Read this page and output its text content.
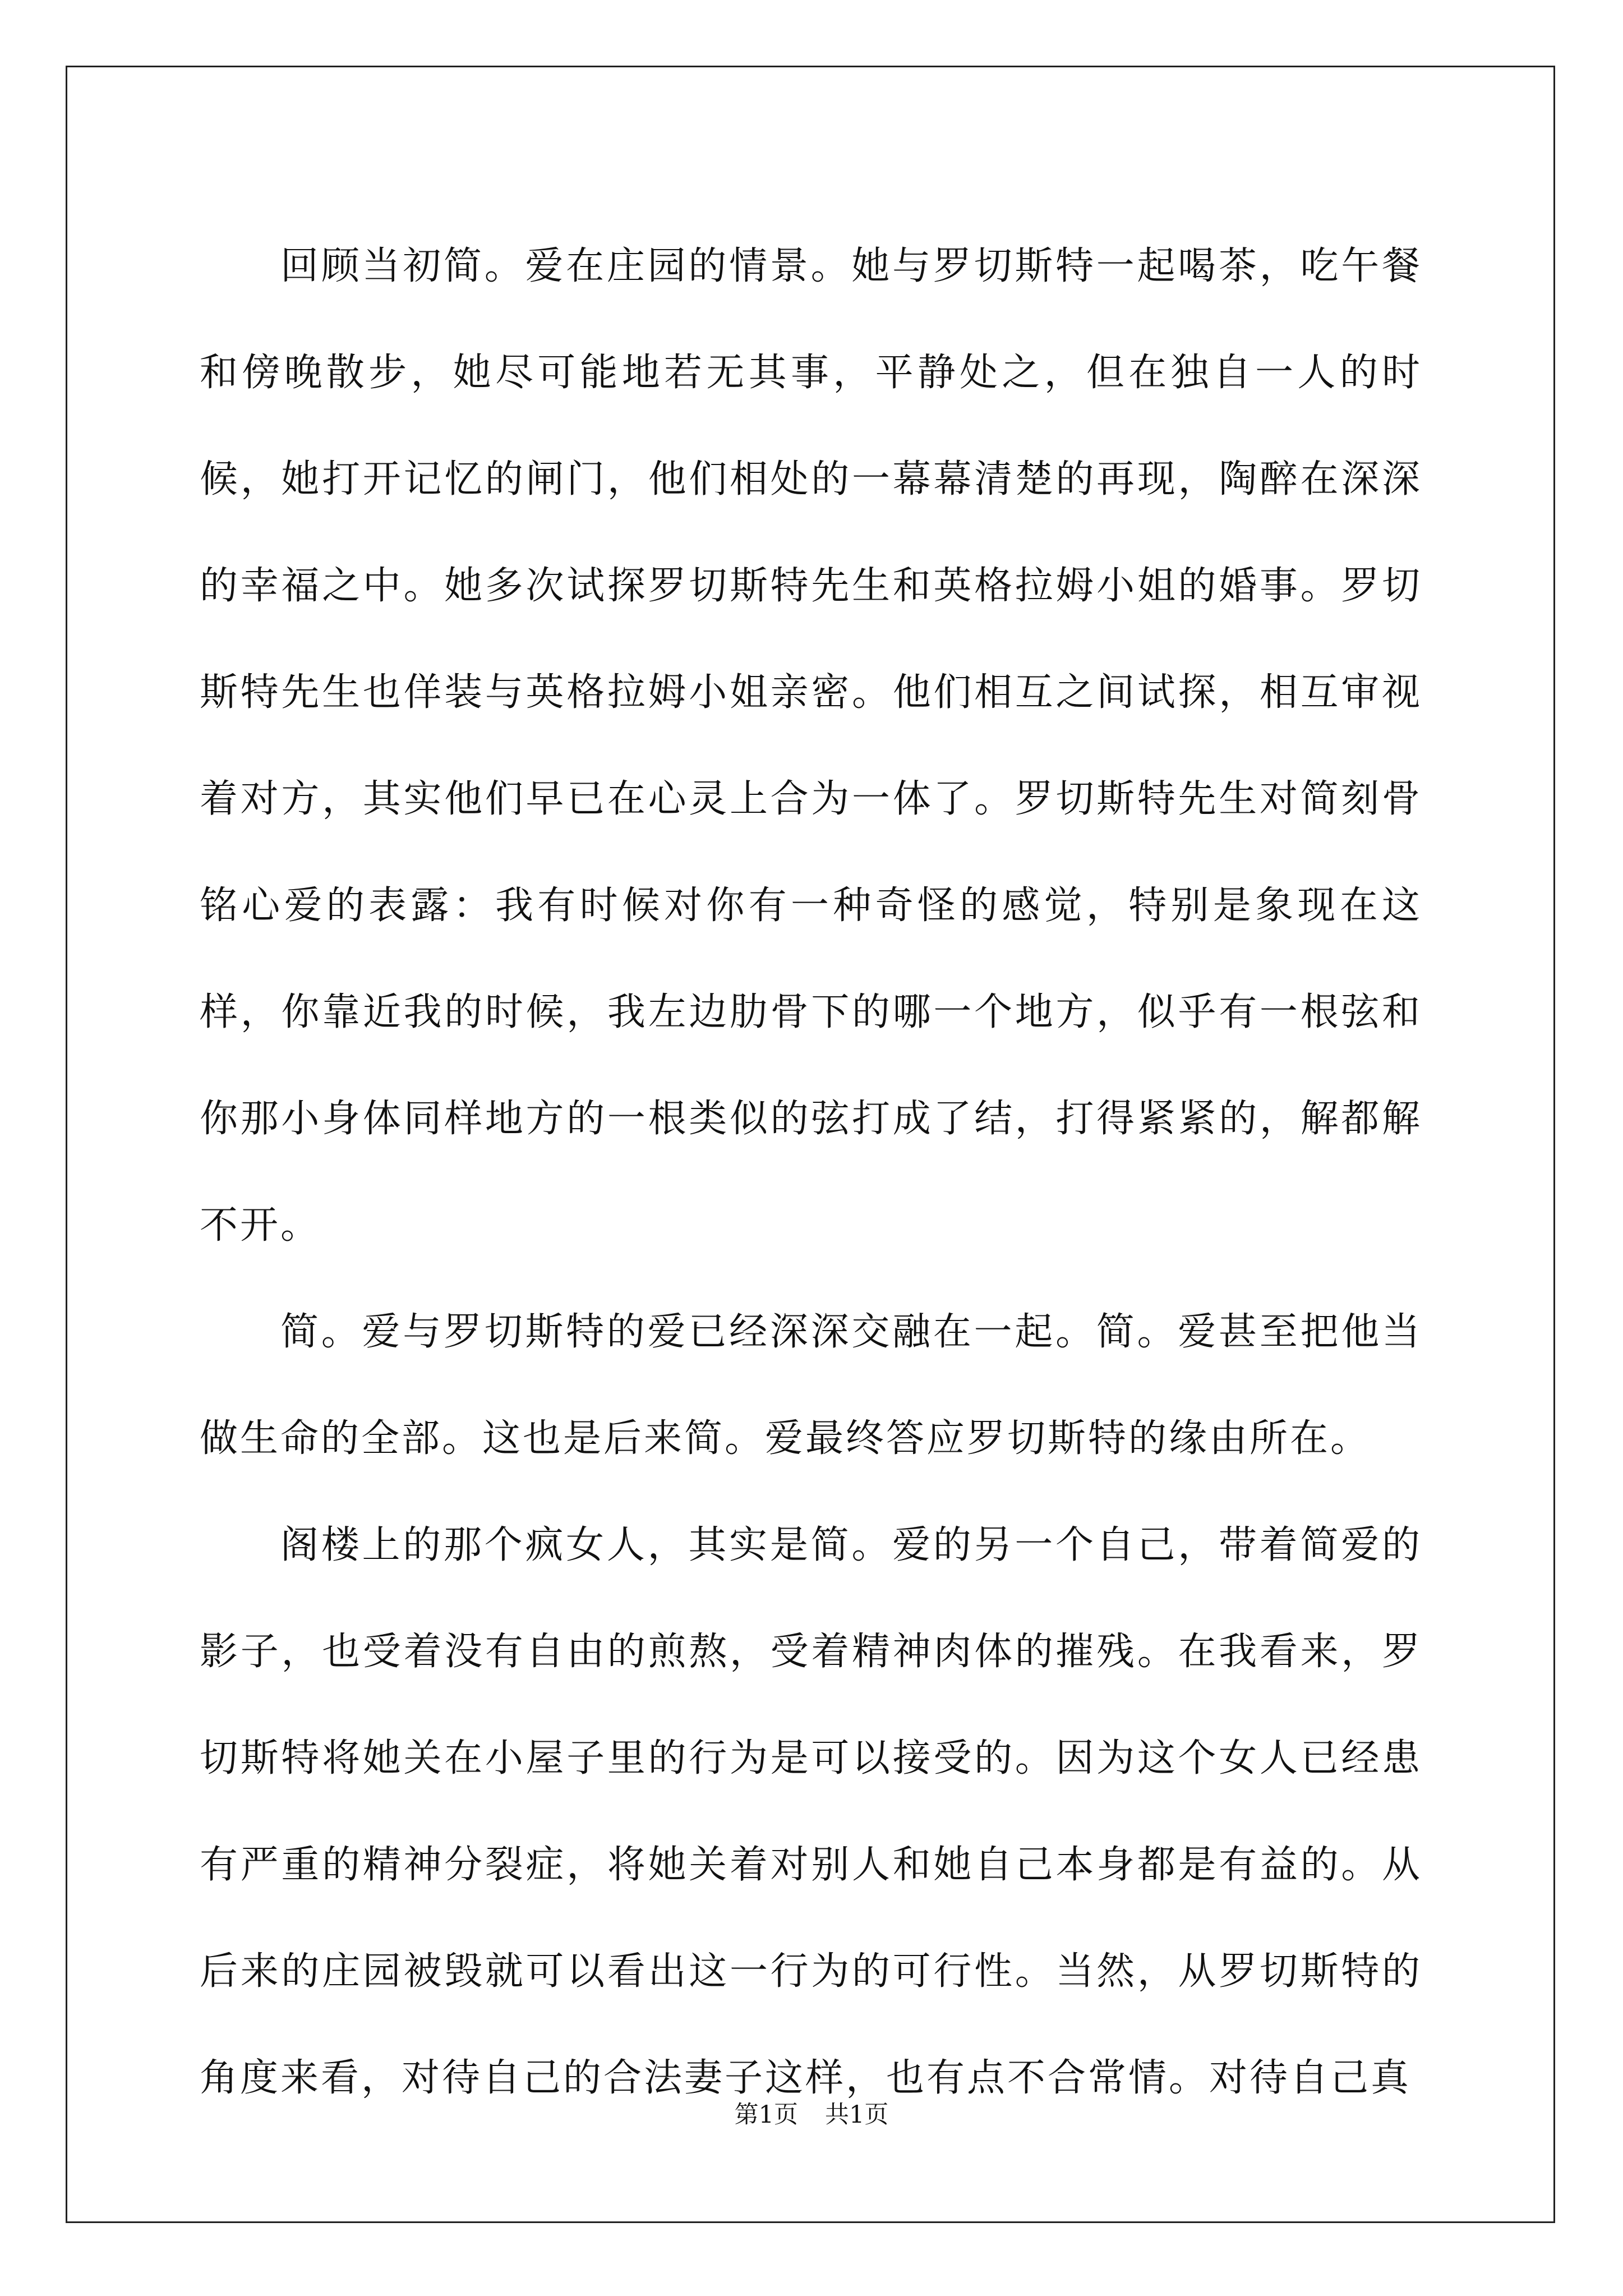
回顾当初简。爱在庄园的情景。她与罗切斯特一起喝茶，吃午餐和傍晚散步，她尽可能地若无其事，平静处之，但在独自一人的时候，她打开记忆的闸门，他们相处的一幕幕清楚的再现，陶醉在深深的幸福之中。她多次试探罗切斯特先生和英格拉姆小姐的婚事。罗切斯特先生也佯装与英格拉姆小姐亲密。他们相互之间试探，相互审视着对方，其实他们早已在心灵上合为一体了。罗切斯特先生对简刻骨铭心爱的表露：我有时候对你有一种奇怪的感觉，特别是象现在这样，你靠近我的时候，我左边肋骨下的哪一个地方，似乎有一根弦和你那小身体同样地方的一根类似的弦打成了结，打得紧紧的，解都解不开。

简。爱与罗切斯特的爱已经深深交融在一起。简。爱甚至把他当做生命的全部。这也是后来简。爱最终答应罗切斯特的缘由所在。

阁楼上的那个疯女人，其实是简。爱的另一个自己，带着简爱的影子，也受着没有自由的煎熬，受着精神肉体的摧残。在我看来，罗切斯特将她关在小屋子里的行为是可以接受的。因为这个女人已经患有严重的精神分裂症，将她关着对别人和她自己本身都是有益的。从后来的庄园被毁就可以看出这一行为的可行性。当然，从罗切斯特的角度来看，对待自己的合法妻子这样，也有点不合常情。对待自己真

第1页 共1页
